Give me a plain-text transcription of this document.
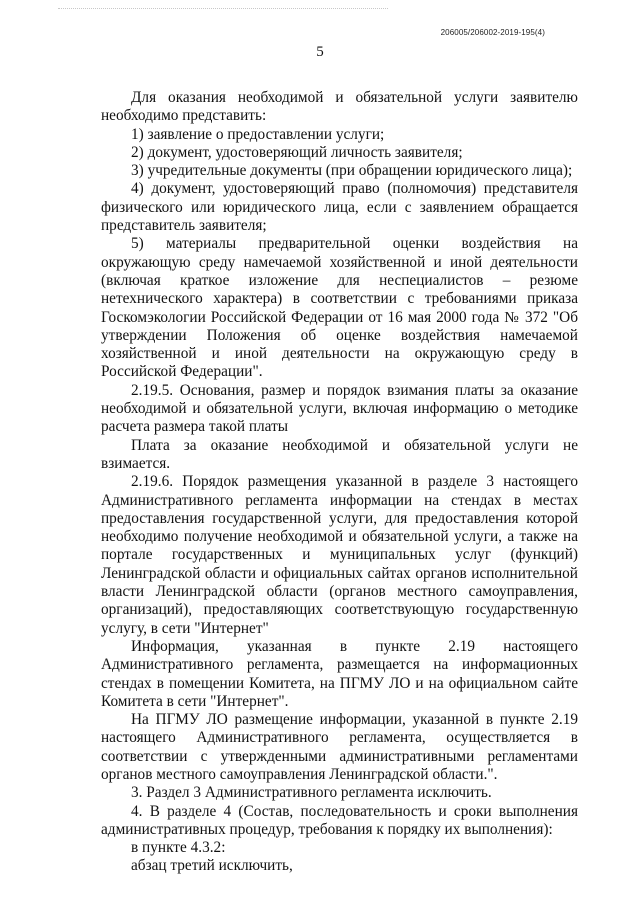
206005/206002-2019-195(4)
5

Для оказания необходимой и обязательной услуги заявителю необходимо представить:

1) заявление о предоставлении услуги;

2) документ, удостоверяющий личность заявителя;

3) учредительные документы (при обращении юридического лица);

4) документ, удостоверяющий право (полномочия) представителя физического или юридического лица, если с заявлением обращается представитель заявителя;

5) материалы предварительной оценки воздействия на окружающую среду намечаемой хозяйственной и иной деятельности (включая краткое изложение для неспециалистов – резюме нетехнического характера) в соответствии с требованиями приказа Госкомэкологии Российской Федерации от 16 мая 2000 года № 372 "Об утверждении Положения об оценке воздействия намечаемой хозяйственной и иной деятельности на окружающую среду в Российской Федерации".

2.19.5. Основания, размер и порядок взимания платы за оказание необходимой и обязательной услуги, включая информацию о методике расчета размера такой платы

Плата за оказание необходимой и обязательной услуги не взимается.

2.19.6. Порядок размещения указанной в разделе 3 настоящего Административного регламента информации на стендах в местах предоставления государственной услуги, для предоставления которой необходимо получение необходимой и обязательной услуги, а также на портале государственных и муниципальных услуг (функций) Ленинградской области и официальных сайтах органов исполнительной власти Ленинградской области (органов местного самоуправления, организаций), предоставляющих соответствующую государственную услугу, в сети "Интернет"

Информация, указанная в пункте 2.19 настоящего Административного регламента, размещается на информационных стендах в помещении Комитета, на ПГМУ ЛО и на официальном сайте Комитета в сети "Интернет".

На ПГМУ ЛО размещение информации, указанной в пункте 2.19 настоящего Административного регламента, осуществляется в соответствии с утвержденными административными регламентами органов местного самоуправления Ленинградской области.".

3. Раздел 3 Административного регламента исключить.

4. В разделе 4 (Состав, последовательность и сроки выполнения административных процедур, требования к порядку их выполнения):

в пункте 4.3.2:

абзац третий исключить,
